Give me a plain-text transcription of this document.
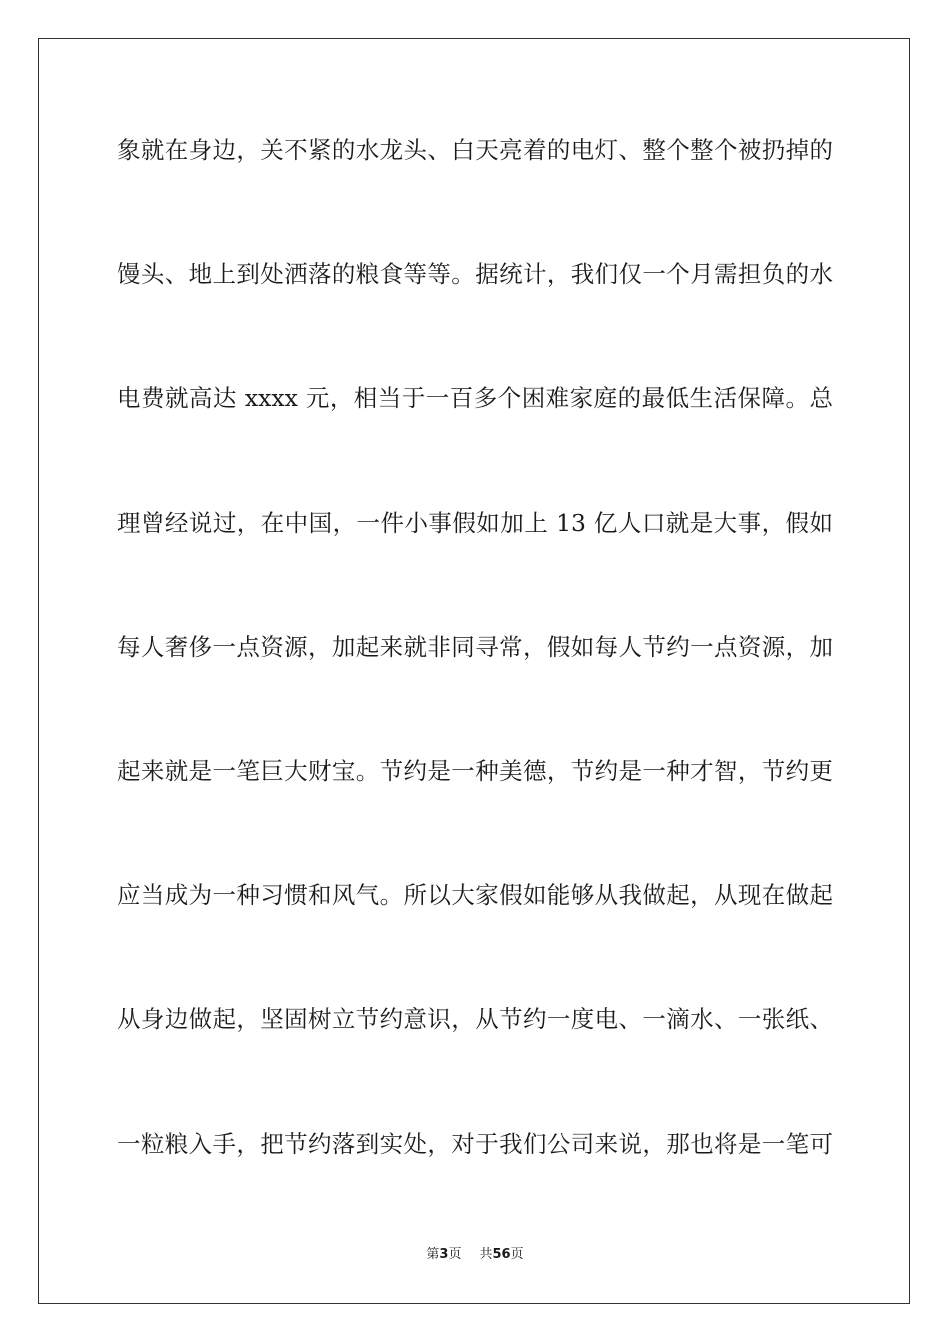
象就在身边，关不紧的水龙头、白天亮着的电灯、整个整个被扔掉的
馒头、地上到处洒落的粮食等等。据统计，我们仅一个月需担负的水
电费就高达 xxxx 元，相当于一百多个困难家庭的最低生活保障。总
理曾经说过，在中国，一件小事假如加上 13 亿人口就是大事，假如
每人奢侈一点资源，加起来就非同寻常，假如每人节约一点资源，加
起来就是一笔巨大财宝。节约是一种美德，节约是一种才智，节约更
应当成为一种习惯和风气。所以大家假如能够从我做起，从现在做起
从身边做起，坚固树立节约意识，从节约一度电、一滴水、一张纸、
一粒粮入手，把节约落到实处，对于我们公司来说，那也将是一笔可
第3页 共56页
